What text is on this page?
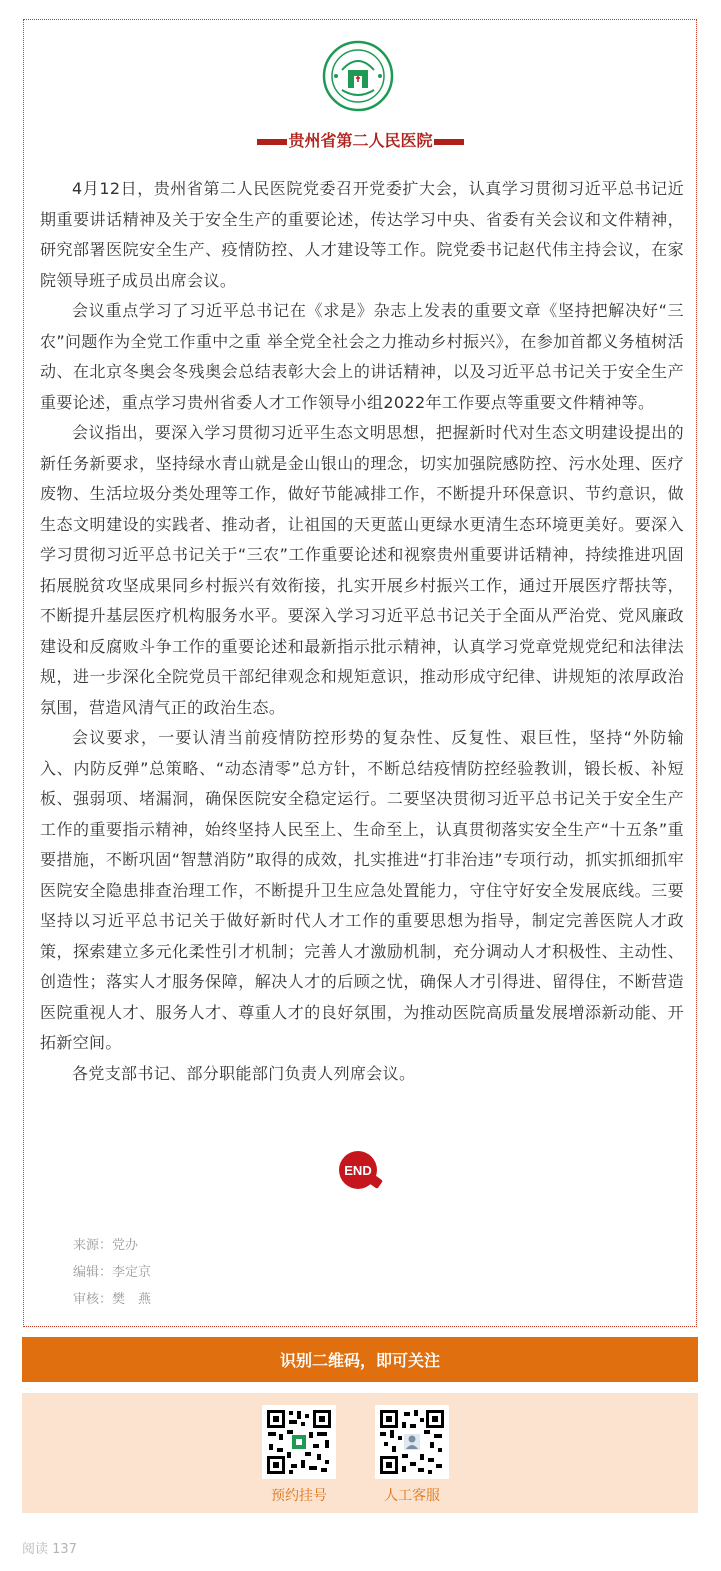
贵州省第二人民医院

4月12日，贵州省第二人民医院党委召开党委扩大会，认真学习贯彻习近平总书记近期重要讲话精神及关于安全生产的重要论述，传达学习中央、省委有关会议和文件精神，研究部署医院安全生产、疫情防控、人才建设等工作。院党委书记赵代伟主持会议，在家院领导班子成员出席会议。

会议重点学习了习近平总书记在《求是》杂志上发表的重要文章《坚持把解决好“三农”问题作为全党工作重中之重 举全党全社会之力推动乡村振兴》，在参加首都义务植树活动、在北京冬奥会冬残奥会总结表彰大会上的讲话精神，以及习近平总书记关于安全生产重要论述，重点学习贵州省委人才工作领导小组2022年工作要点等重要文件精神等。

会议指出，要深入学习贯彻习近平生态文明思想，把握新时代对生态文明建设提出的新任务新要求，坚持绿水青山就是金山银山的理念，切实加强院感防控、污水处理、医疗废物、生活垃圾分类处理等工作，做好节能减排工作，不断提升环保意识、节约意识，做生态文明建设的实践者、推动者，让祖国的天更蓝山更绿水更清生态环境更美好。要深入学习贯彻习近平总书记关于“三农”工作重要论述和视察贵州重要讲话精神，持续推进巩固拓展脱贫攻坚成果同乡村振兴有效衔接，扎实开展乡村振兴工作，通过开展医疗帮扶等，不断提升基层医疗机构服务水平。要深入学习习近平总书记关于全面从严治党、党风廉政建设和反腐败斗争工作的重要论述和最新指示批示精神，认真学习党章党规党纪和法律法规，进一步深化全院党员干部纪律观念和规矩意识，推动形成守纪律、讲规矩的浓厚政治氛围，营造风清气正的政治生态。

会议要求，一要认清当前疫情防控形势的复杂性、反复性、艰巨性，坚持“外防输入、内防反弹”总策略、“动态清零”总方针，不断总结疫情防控经验教训，锻长板、补短板、强弱项、堵漏洞，确保医院安全稳定运行。二要坚决贯彻习近平总书记关于安全生产工作的重要指示精神，始终坚持人民至上、生命至上，认真贯彻落实安全生产“十五条”重要措施，不断巩固“智慧消防”取得的成效，扎实推进“打非治违”专项行动，抓实抓细抓牢医院安全隐患排查治理工作，不断提升卫生应急处置能力，守住守好安全发展底线。三要坚持以习近平总书记关于做好新时代人才工作的重要思想为指导，制定完善医院人才政策，探索建立多元化柔性引才机制；完善人才激励机制，充分调动人才积极性、主动性、创造性；落实人才服务保障，解决人才的后顾之忧，确保人才引得进、留得住，不断营造医院重视人才、服务人才、尊重人才的良好氛围，为推动医院高质量发展增添新动能、开拓新空间。

各党支部书记、部分职能部门负责人列席会议。

END
来源：党办
编辑：李定京
审核：樊　燕
识别二维码，即可关注
预约挂号	人工客服
阅读 137
